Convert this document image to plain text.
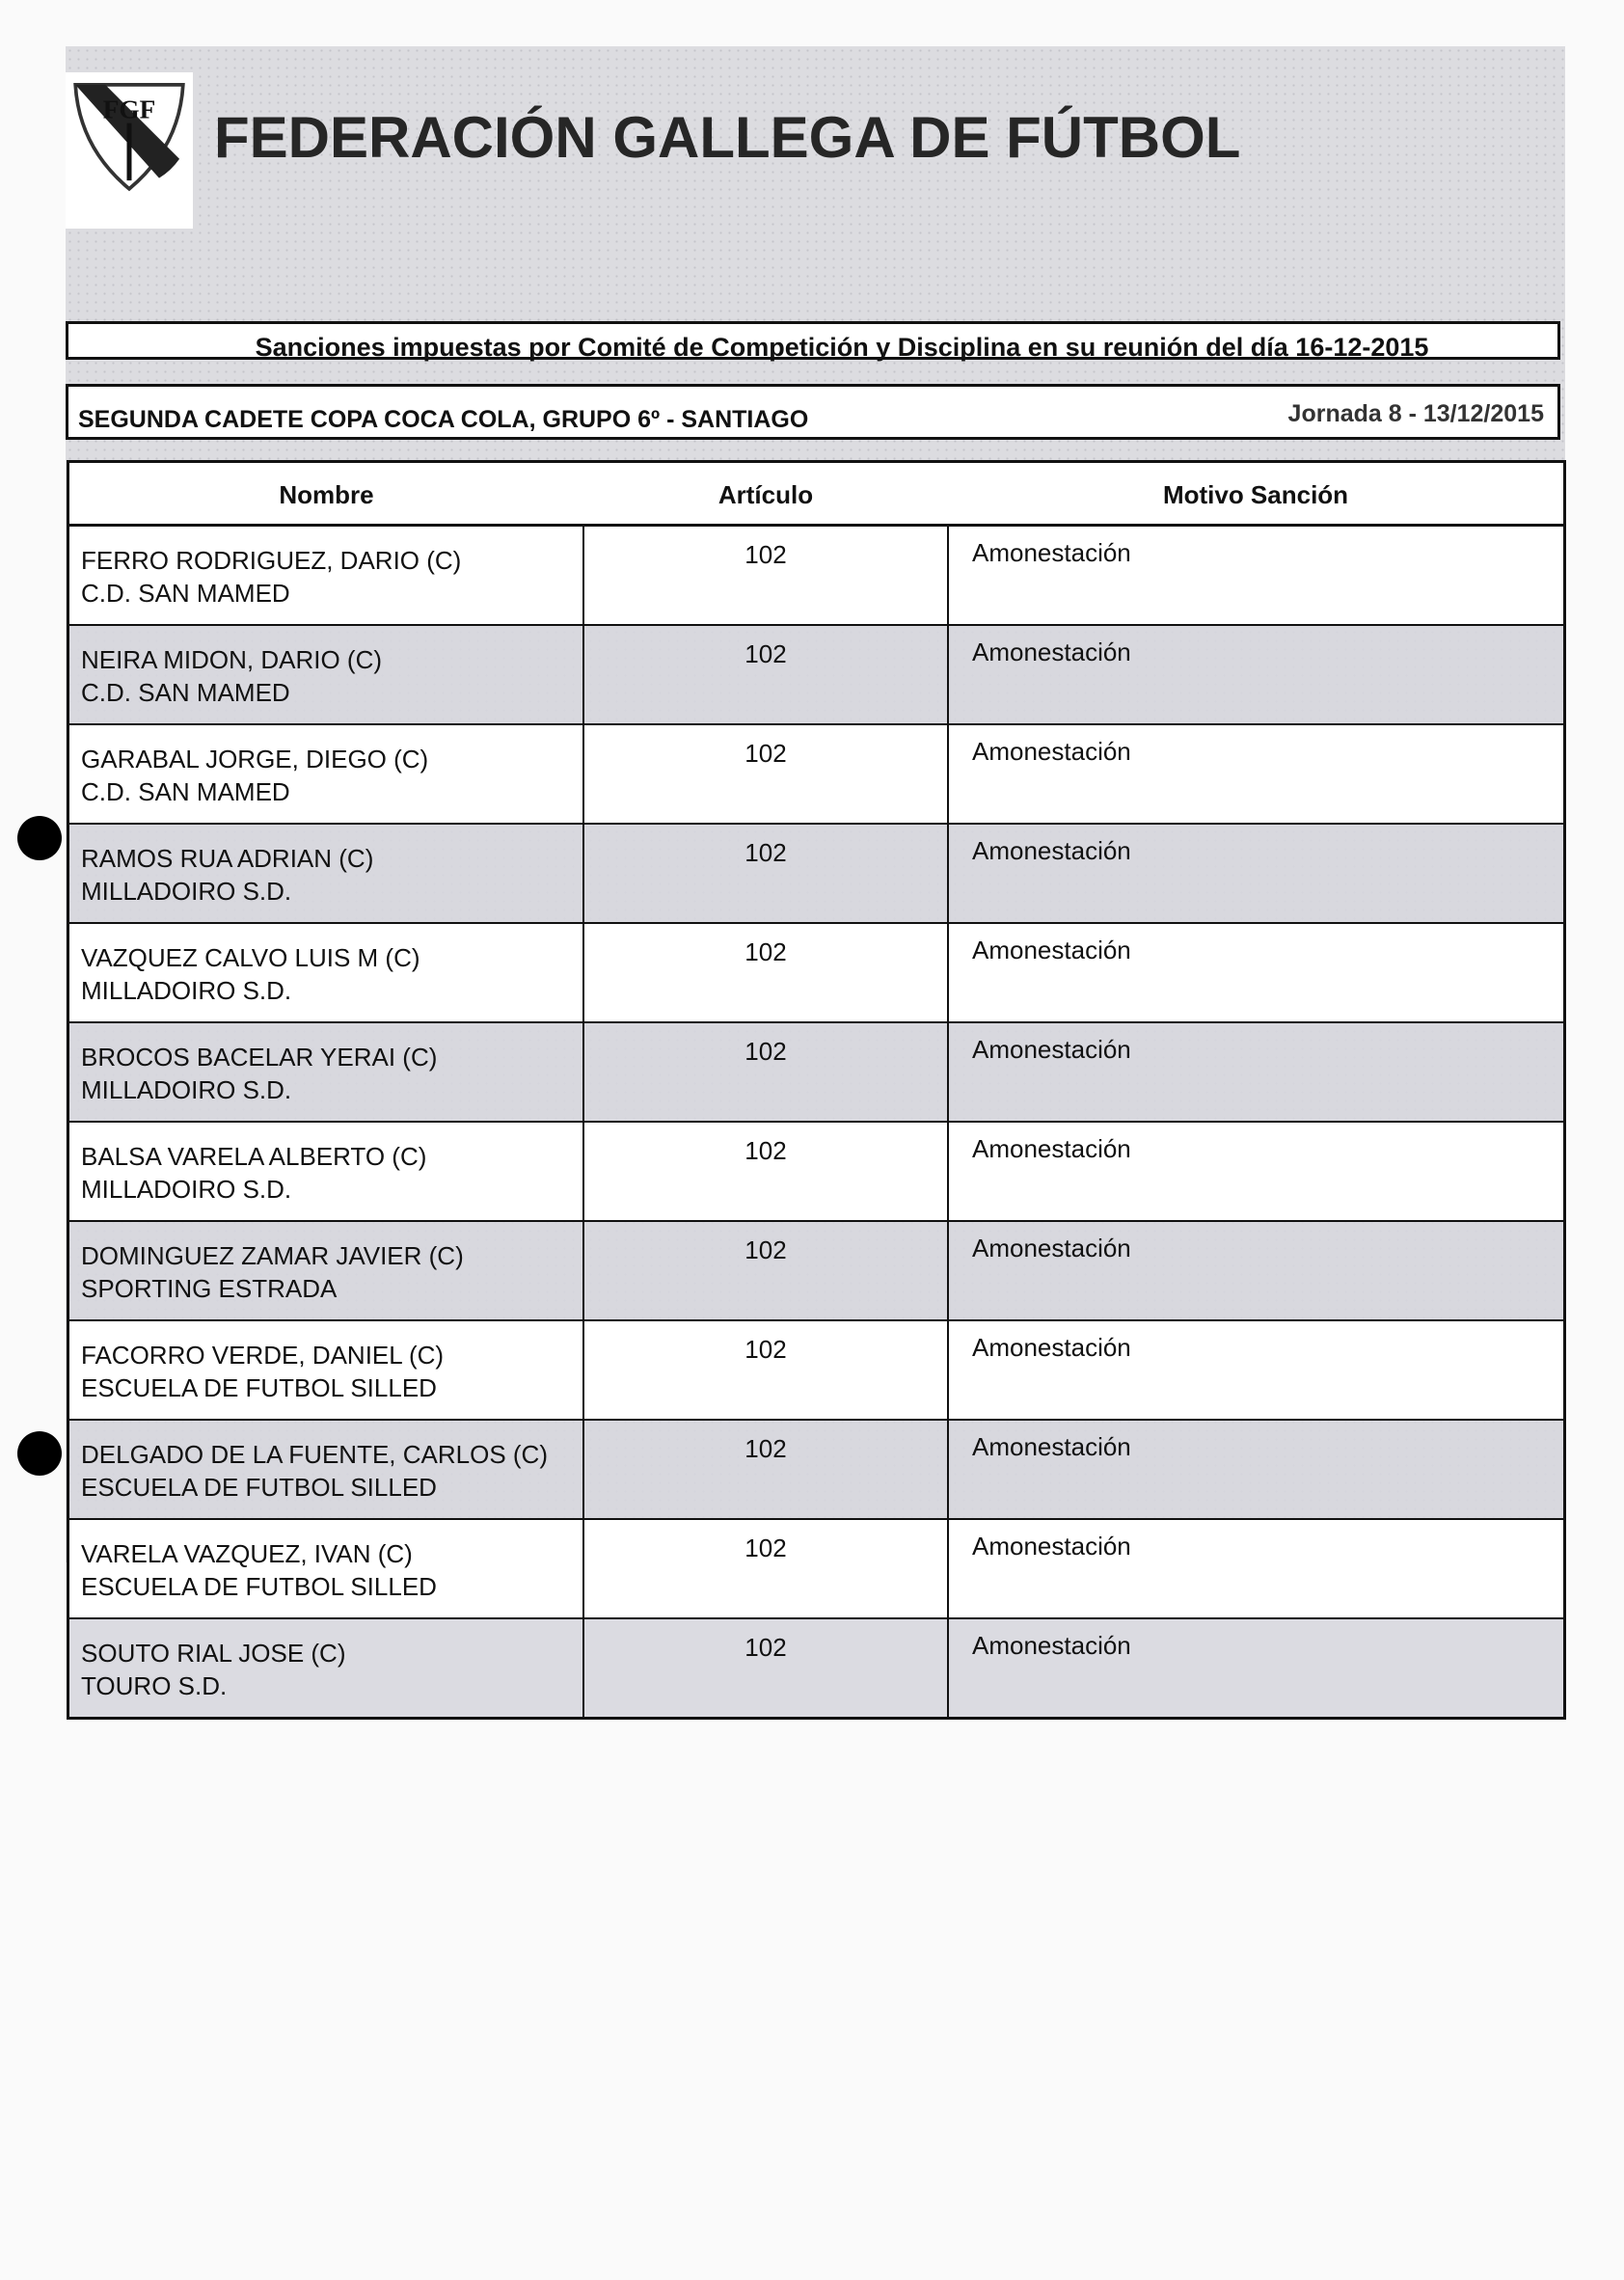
FGF FEDERACIÓN GALLEGA DE FÚTBOL
Sanciones impuestas por Comité de Competición y Disciplina en su reunión del día 16-12-2015
SEGUNDA CADETE COPA COCA COLA, GRUPO 6º - SANTIAGO	Jornada 8 - 13/12/2015
Nombre	Artículo	Motivo Sanción

FERRO RODRIGUEZ, DARIO (C)
C.D. SAN MAMED	102	Amonestación

NEIRA MIDON, DARIO (C)
C.D. SAN MAMED	102	Amonestación

GARABAL JORGE, DIEGO (C)
C.D. SAN MAMED	102	Amonestación

RAMOS RUA ADRIAN (C)
MILLADOIRO S.D.	102	Amonestación

VAZQUEZ CALVO LUIS M (C)
MILLADOIRO S.D.	102	Amonestación

BROCOS BACELAR YERAI (C)
MILLADOIRO S.D.	102	Amonestación

BALSA VARELA ALBERTO (C)
MILLADOIRO S.D.	102	Amonestación

DOMINGUEZ ZAMAR JAVIER (C)
SPORTING ESTRADA	102	Amonestación

FACORRO VERDE, DANIEL (C)
ESCUELA DE FUTBOL SILLED	102	Amonestación

DELGADO DE LA FUENTE, CARLOS (C)
ESCUELA DE FUTBOL SILLED	102	Amonestación

VARELA VAZQUEZ, IVAN (C)
ESCUELA DE FUTBOL SILLED	102	Amonestación

SOUTO RIAL JOSE (C)
TOURO S.D.	102	Amonestación
